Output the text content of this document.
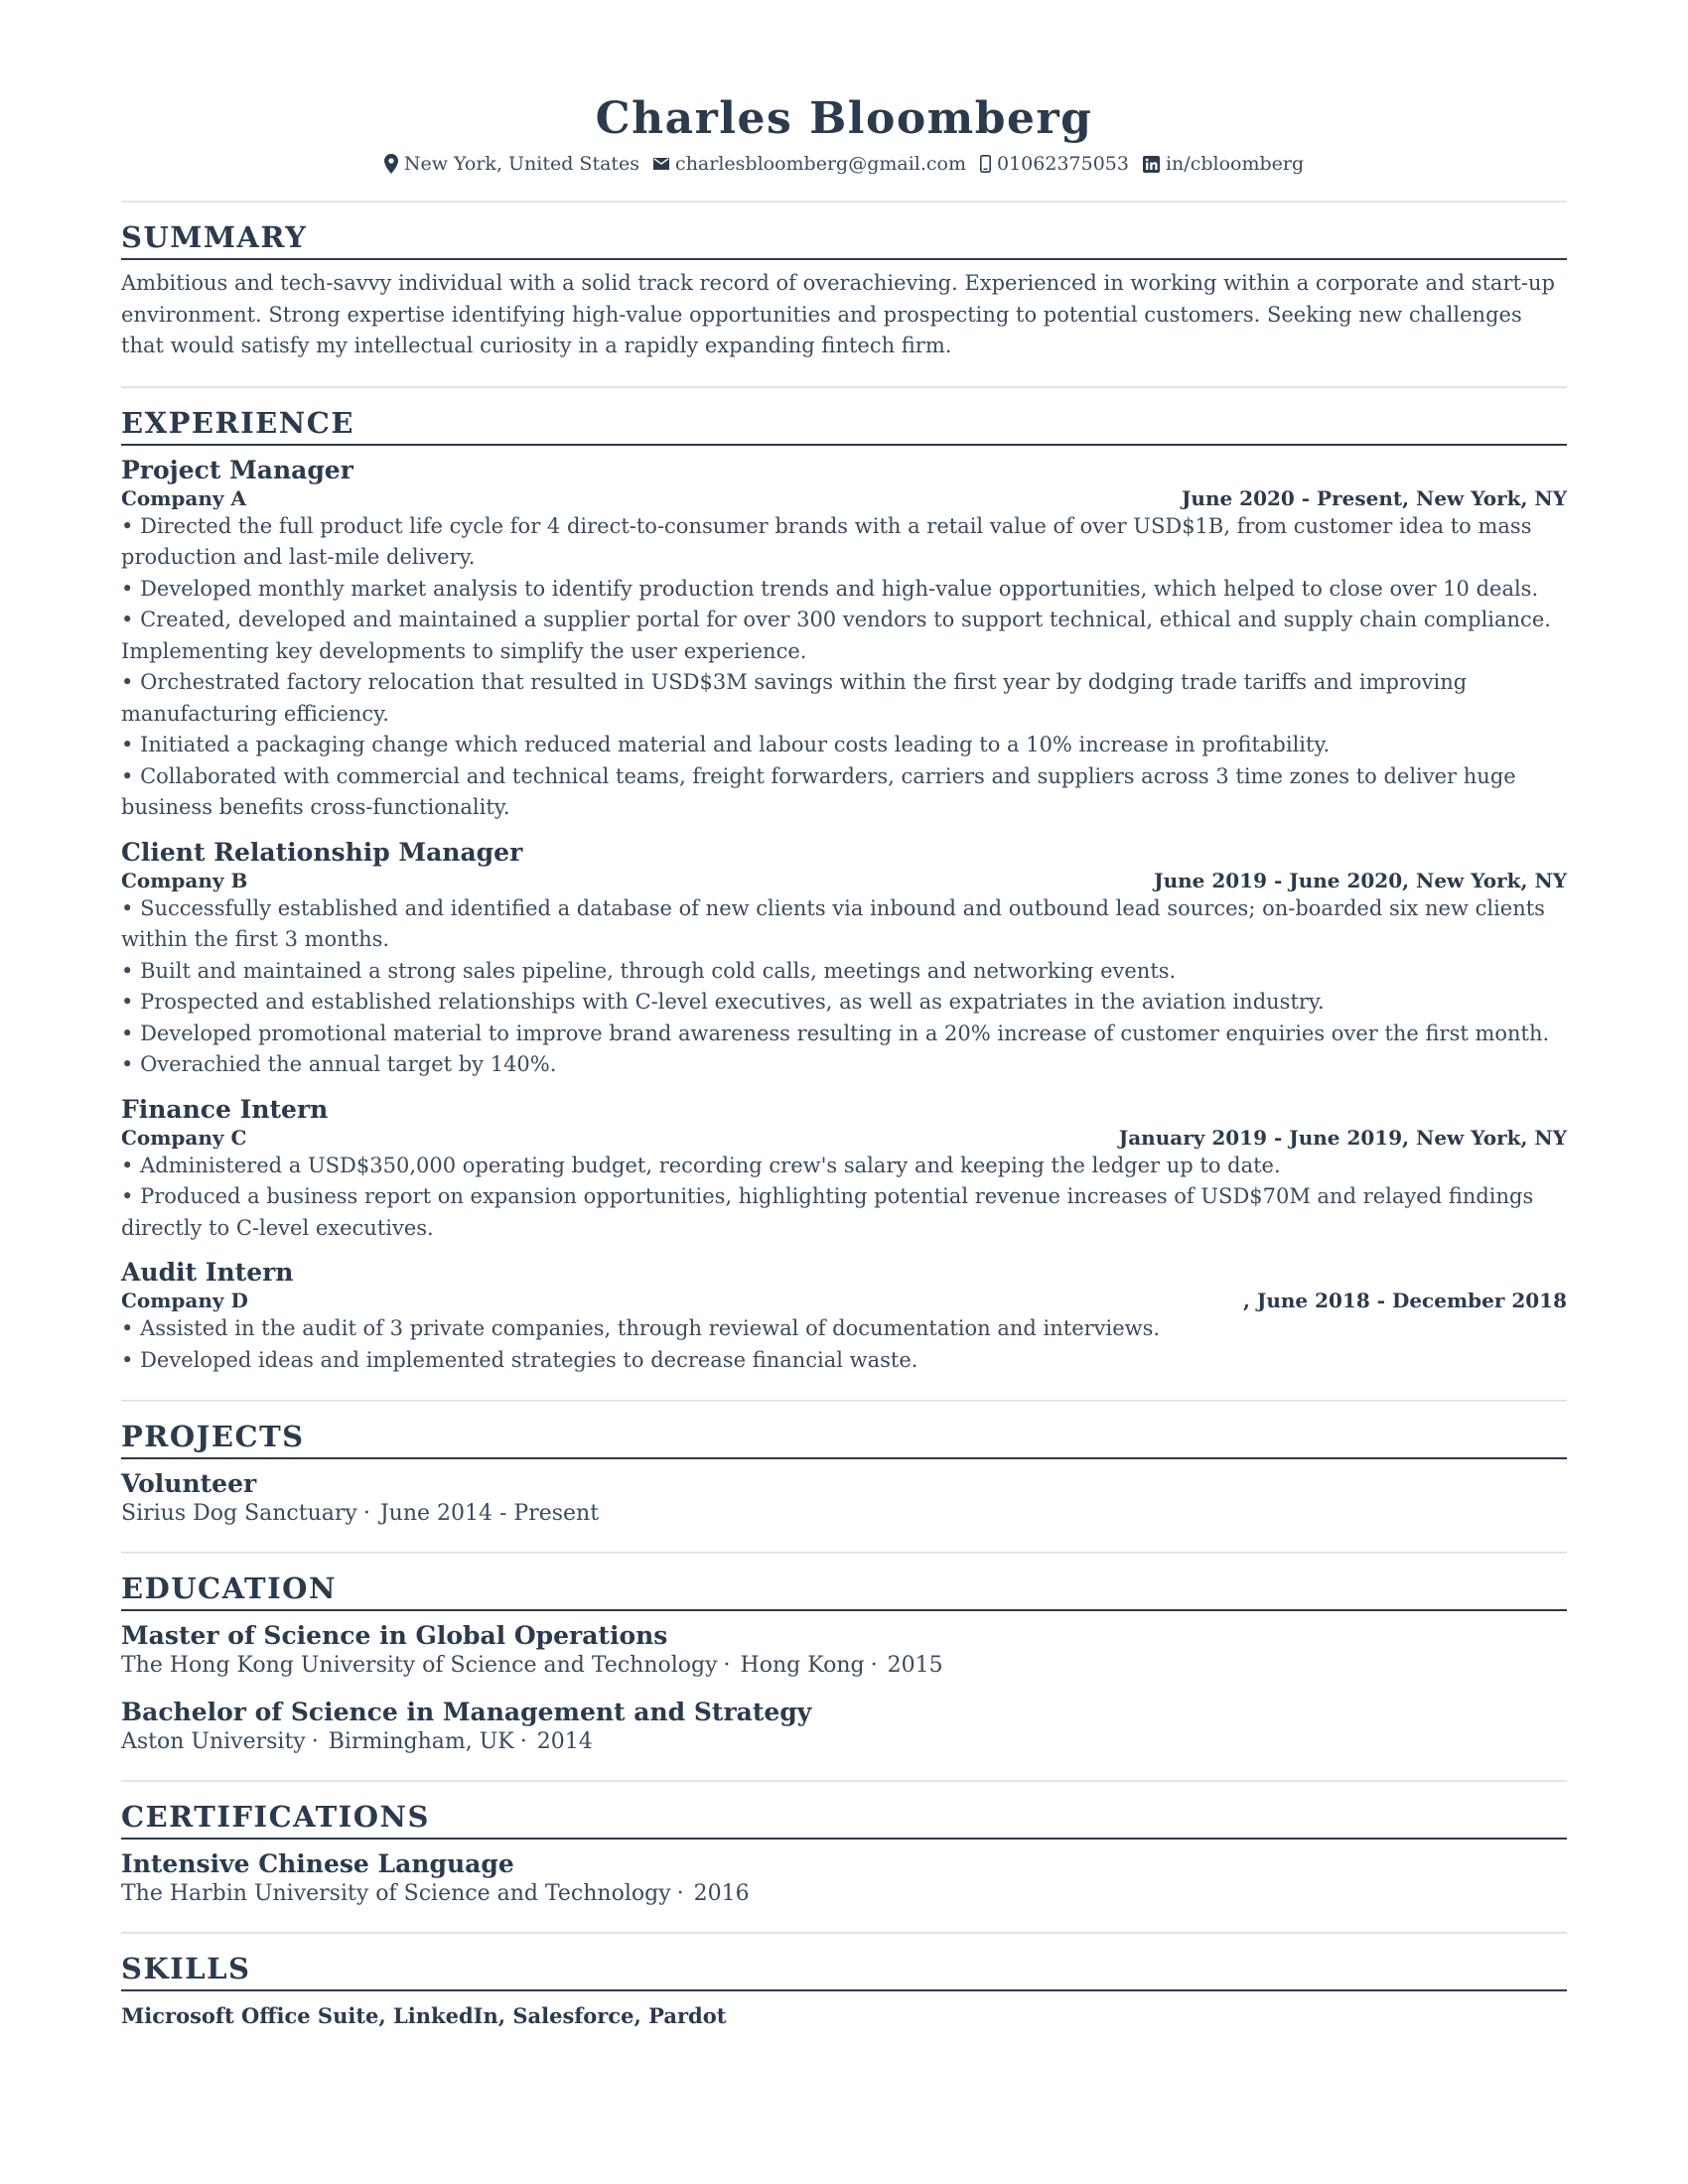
Charles Bloomberg
New York, United States charlesbloomberg@gmail.com 01062375053 in/cbloomberg
SUMMARY

Ambitious and tech-savvy individual with a solid track record of overachieving. Experienced in working within a corporate and start-up environment. Strong expertise identifying high-value opportunities and prospecting to potential customers. Seeking new challenges that would satisfy my intellectual curiosity in a rapidly expanding fintech firm.

EXPERIENCE
Project Manager
Company A	June 2020 - Present, New York, NY
• Directed the full product life cycle for 4 direct-to-consumer brands with a retail value of over USD$1B, from customer idea to mass production and last-mile delivery.
• Developed monthly market analysis to identify production trends and high-value opportunities, which helped to close over 10 deals.
• Created, developed and maintained a supplier portal for over 300 vendors to support technical, ethical and supply chain compliance. Implementing key developments to simplify the user experience.
• Orchestrated factory relocation that resulted in USD$3M savings within the first year by dodging trade tariffs and improving manufacturing efficiency.
• Initiated a packaging change which reduced material and labour costs leading to a 10% increase in profitability.
• Collaborated with commercial and technical teams, freight forwarders, carriers and suppliers across 3 time zones to deliver huge business benefits cross-functionality.
Client Relationship Manager
Company B	June 2019 - June 2020, New York, NY
• Successfully established and identified a database of new clients via inbound and outbound lead sources; on-boarded six new clients within the first 3 months.
• Built and maintained a strong sales pipeline, through cold calls, meetings and networking events.
• Prospected and established relationships with C-level executives, as well as expatriates in the aviation industry.
• Developed promotional material to improve brand awareness resulting in a 20% increase of customer enquiries over the first month.
• Overachied the annual target by 140%.
Finance Intern
Company C	January 2019 - June 2019, New York, NY
• Administered a USD$350,000 operating budget, recording crew's salary and keeping the ledger up to date.
• Produced a business report on expansion opportunities, highlighting potential revenue increases of USD$70M and relayed findings directly to C-level executives.
Audit Intern
Company D	, June 2018 - December 2018
• Assisted in the audit of 3 private companies, through reviewal of documentation and interviews.
• Developed ideas and implemented strategies to decrease financial waste.
PROJECTS
Volunteer
Sirius Dog Sanctuary · June 2014 - Present
EDUCATION
Master of Science in Global Operations
The Hong Kong University of Science and Technology · Hong Kong · 2015
Bachelor of Science in Management and Strategy
Aston University · Birmingham, UK · 2014
CERTIFICATIONS
Intensive Chinese Language
The Harbin University of Science and Technology · 2016
SKILLS
Microsoft Office Suite, LinkedIn, Salesforce, Pardot
